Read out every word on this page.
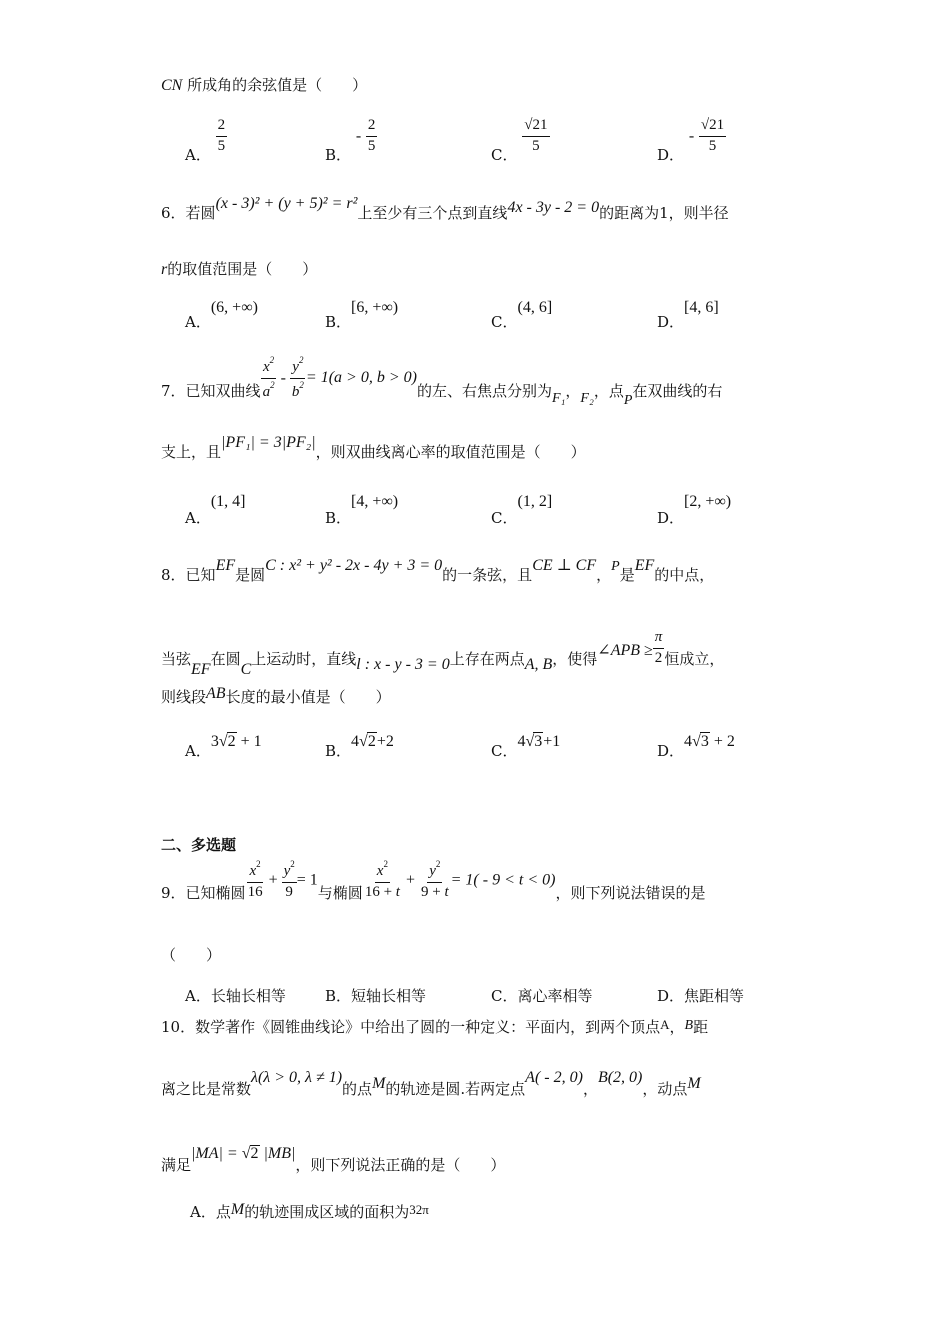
CN 所成角的余弦值是（　　）
A．
$\frac{2}{5}$
B． - $\frac{2}{5}$
C．
$\frac{√21}{5}$
D． - $\frac{√21}{5}$
6．若圆(x - 3)² + (y + 5)² = r²上至少有三个点到直线4x - 3y - 2 = 0的距离为1，则半径
r的取值范围是（　　）
A．(6, +∞)
B．[6, +∞)
C．(4, 6]
D．[4, 6]
7．已知双曲线 $\frac{x^2}{a^2} - \frac{y^2}{b^2} = 1(a > 0$, b > 0)的左、右焦点分别为F₁，F₂，点P在双曲线的右
支上，且|PF₁| = 3|PF₂|，则双曲线离心率的取值范围是（　　）
A．(1, 4]
B．[4, +∞)
C．(1, 2]
D．[2, +∞)
8．已知EF是圆C : x² + y² - 2x - 4y + 3 = 0的一条弦，且CE ⊥ CF，P是EF的中点，
当弦EF在圆C上运动时，直线l : x - y - 3 = 0上存在两点A, B，使得∠APB ≥ $\frac{\pi}{2}$ 恒成立，
则线段AB长度的最小值是（　　）
A．3√2 + 1
B．4√2+2
C．4√3+1
D．4√3 + 2
二、多选题
9．已知椭圆 $\frac{x^2}{16} + \frac{y^2}{9} = 1$与椭圆 $\frac{x^2}{16 + t} + \frac{y^2}{9 + t} = 1( - 9 < t < 0)$，则下列说法错误的是
（　　）
A．长轴长相等	B．短轴长相等	C．离心率相等	D．焦距相等
10．数学著作《圆锥曲线论》中给出了圆的一种定义：平面内，到两个顶点A，B距
离之比是常数λ(λ > 0, λ ≠ 1)的点M的轨迹是圆.若两定点A( - 2, 0)，B(2, 0)，动点M
满足|MA| = √2 |MB|，则下列说法正确的是（　　）
A．点M的轨迹围成区域的面积为32π
